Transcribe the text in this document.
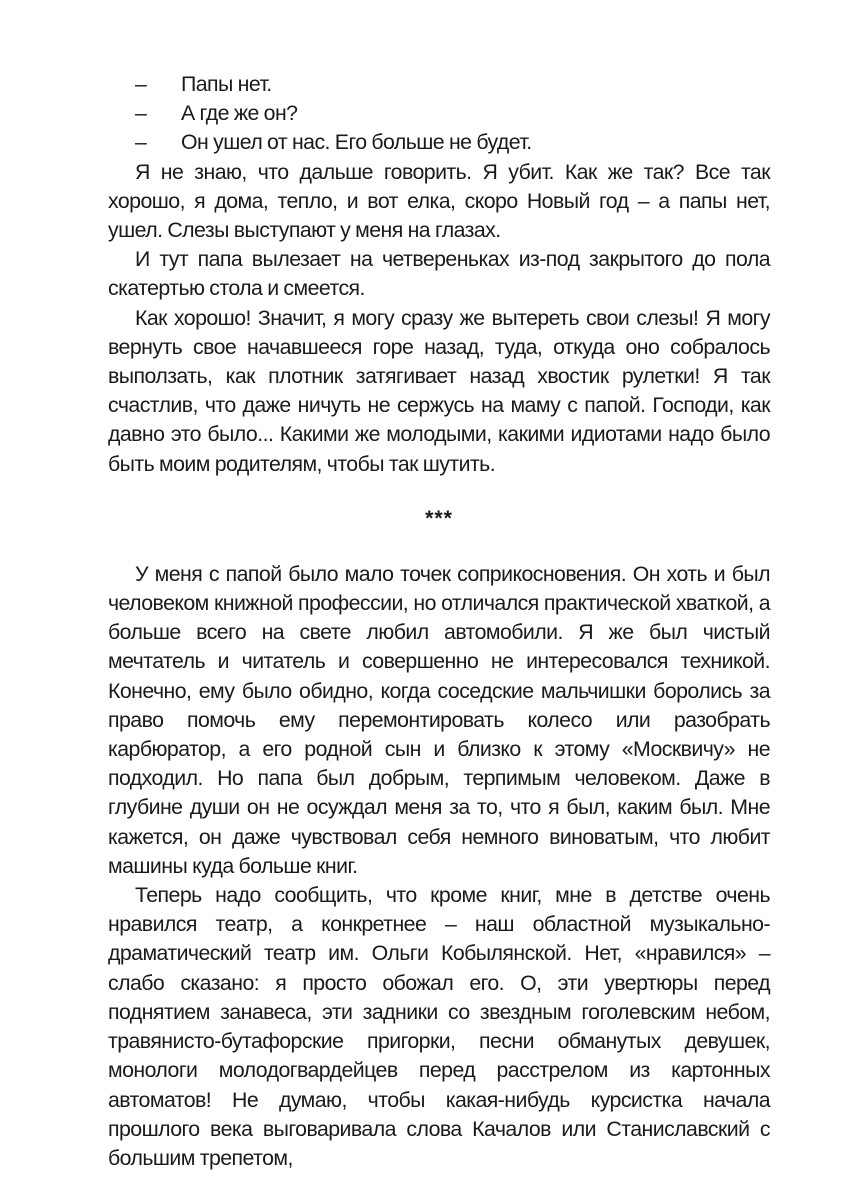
–	Папы нет.
–	А где же он?
–	Он ушел от нас. Его больше не будет.

Я не знаю, что дальше говорить. Я убит. Как же так? Все так хорошо, я дома, тепло, и вот елка, скоро Новый год – а папы нет, ушел. Слезы выступают у меня на глазах.

И тут папа вылезает на четвереньках из-под закрытого до пола скатертью стола и смеется.

Как хорошо! Значит, я могу сразу же вытереть свои слезы! Я могу вернуть свое начавшееся горе назад, туда, откуда оно собралось выползать, как плотник затягивает назад хвостик рулетки! Я так счастлив, что даже ничуть не сержусь на маму с папой. Господи, как давно это было... Какими же молодыми, какими идиотами надо было быть моим родителям, чтобы так шутить.

***

У меня с папой было мало точек соприкосновения. Он хоть и был человеком книжной профессии, но отличался практической хваткой, а больше всего на свете любил автомобили. Я же был чистый мечтатель и читатель и совершенно не интересовался техникой. Конечно, ему было обидно, когда соседские мальчишки боролись за право помочь ему перемонтировать колесо или разобрать карбюратор, а его родной сын и близко к этому «Москвичу» не подходил. Но папа был добрым, терпимым человеком. Даже в глубине души он не осуждал меня за то, что я был, каким был. Мне кажется, он даже чувствовал себя немного виноватым, что любит машины куда больше книг.

Теперь надо сообщить, что кроме книг, мне в детстве очень нравился театр, а конкретнее – наш областной музыкально-драматический театр им. Ольги Кобылянской. Нет, «нравился» – слабо сказано: я просто обожал его. О, эти увертюры перед поднятием занавеса, эти задники со звездным гоголевским небом, травянисто-бутафорские пригорки, песни обманутых девушек, монологи молодогвардейцев перед расстрелом из картонных автоматов! Не думаю, чтобы какая-нибудь курсистка начала прошлого века выговаривала слова Качалов или Станиславский с большим трепетом,
